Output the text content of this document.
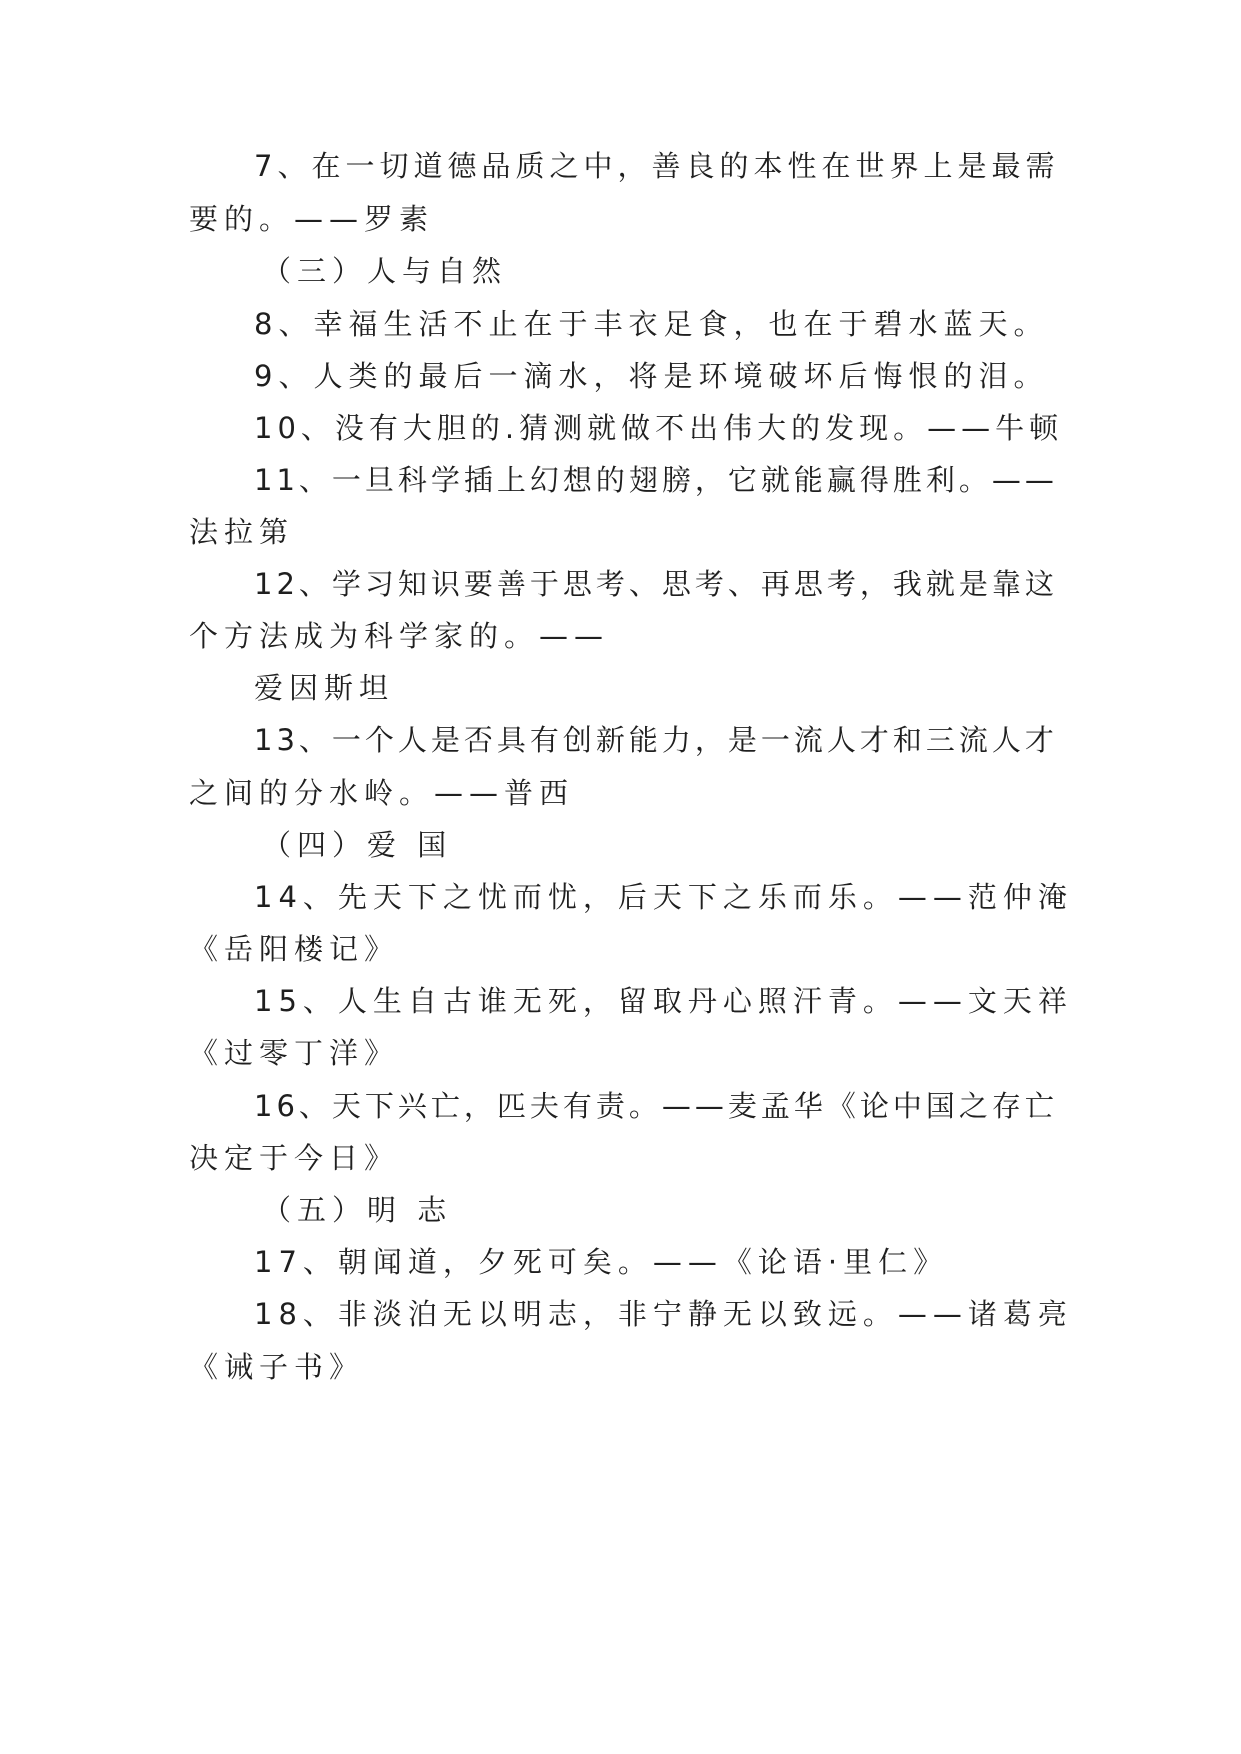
7、在一切道德品质之中，善良的本性在世界上是最需

要的。——罗素

（三）人与自然

8、幸福生活不止在于丰衣足食，也在于碧水蓝天。

9、人类的最后一滴水，将是环境破坏后悔恨的泪。

10、没有大胆的.猜测就做不出伟大的发现。——牛顿

11、一旦科学插上幻想的翅膀，它就能赢得胜利。——

法拉第

12、学习知识要善于思考、思考、再思考，我就是靠这

个方法成为科学家的。——

爱因斯坦

13、一个人是否具有创新能力，是一流人才和三流人才

之间的分水岭。——普西

（四）爱 国

14、先天下之忧而忧，后天下之乐而乐。——范仲淹

《岳阳楼记》

15、人生自古谁无死，留取丹心照汗青。——文天祥

《过零丁洋》

16、天下兴亡，匹夫有责。——麦孟华《论中国之存亡

决定于今日》

（五）明 志

17、朝闻道，夕死可矣。——《论语·里仁》

18、非淡泊无以明志，非宁静无以致远。——诸葛亮

《诫子书》
